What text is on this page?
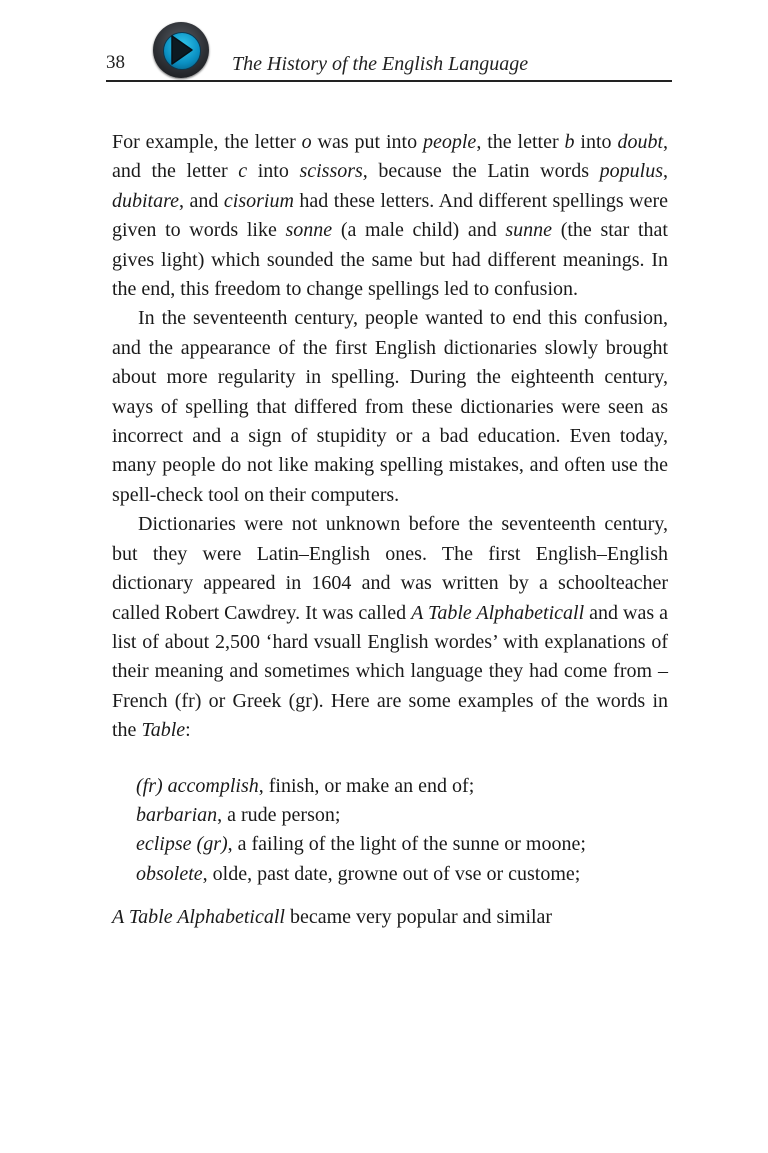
38	The History of the English Language

For example, the letter o was put into people, the letter b into doubt, and the letter c into scissors, because the Latin words populus, dubitare, and cisorium had these letters. And different spellings were given to words like sonne (a male child) and sunne (the star that gives light) which sounded the same but had different meanings. In the end, this freedom to change spellings led to confusion.

In the seventeenth century, people wanted to end this confusion, and the appearance of the first English dictionaries slowly brought about more regularity in spelling. During the eighteenth century, ways of spelling that differed from these dictionaries were seen as incorrect and a sign of stupidity or a bad education. Even today, many people do not like making spelling mistakes, and often use the spell-check tool on their computers.

Dictionaries were not unknown before the seventeenth century, but they were Latin–English ones. The first English–English dictionary appeared in 1604 and was written by a schoolteacher called Robert Cawdrey. It was called A Table Alphabeticall and was a list of about 2,500 ‘hard vsuall English wordes’ with explanations of their meaning and sometimes which language they had come from – French (fr) or Greek (gr). Here are some examples of the words in the Table:

(fr) accomplish, finish, or make an end of;

barbarian, a rude person;

eclipse (gr), a failing of the light of the sunne or moone;

obsolete, olde, past date, growne out of vse or custome;

A Table Alphabeticall became very popular and similar
